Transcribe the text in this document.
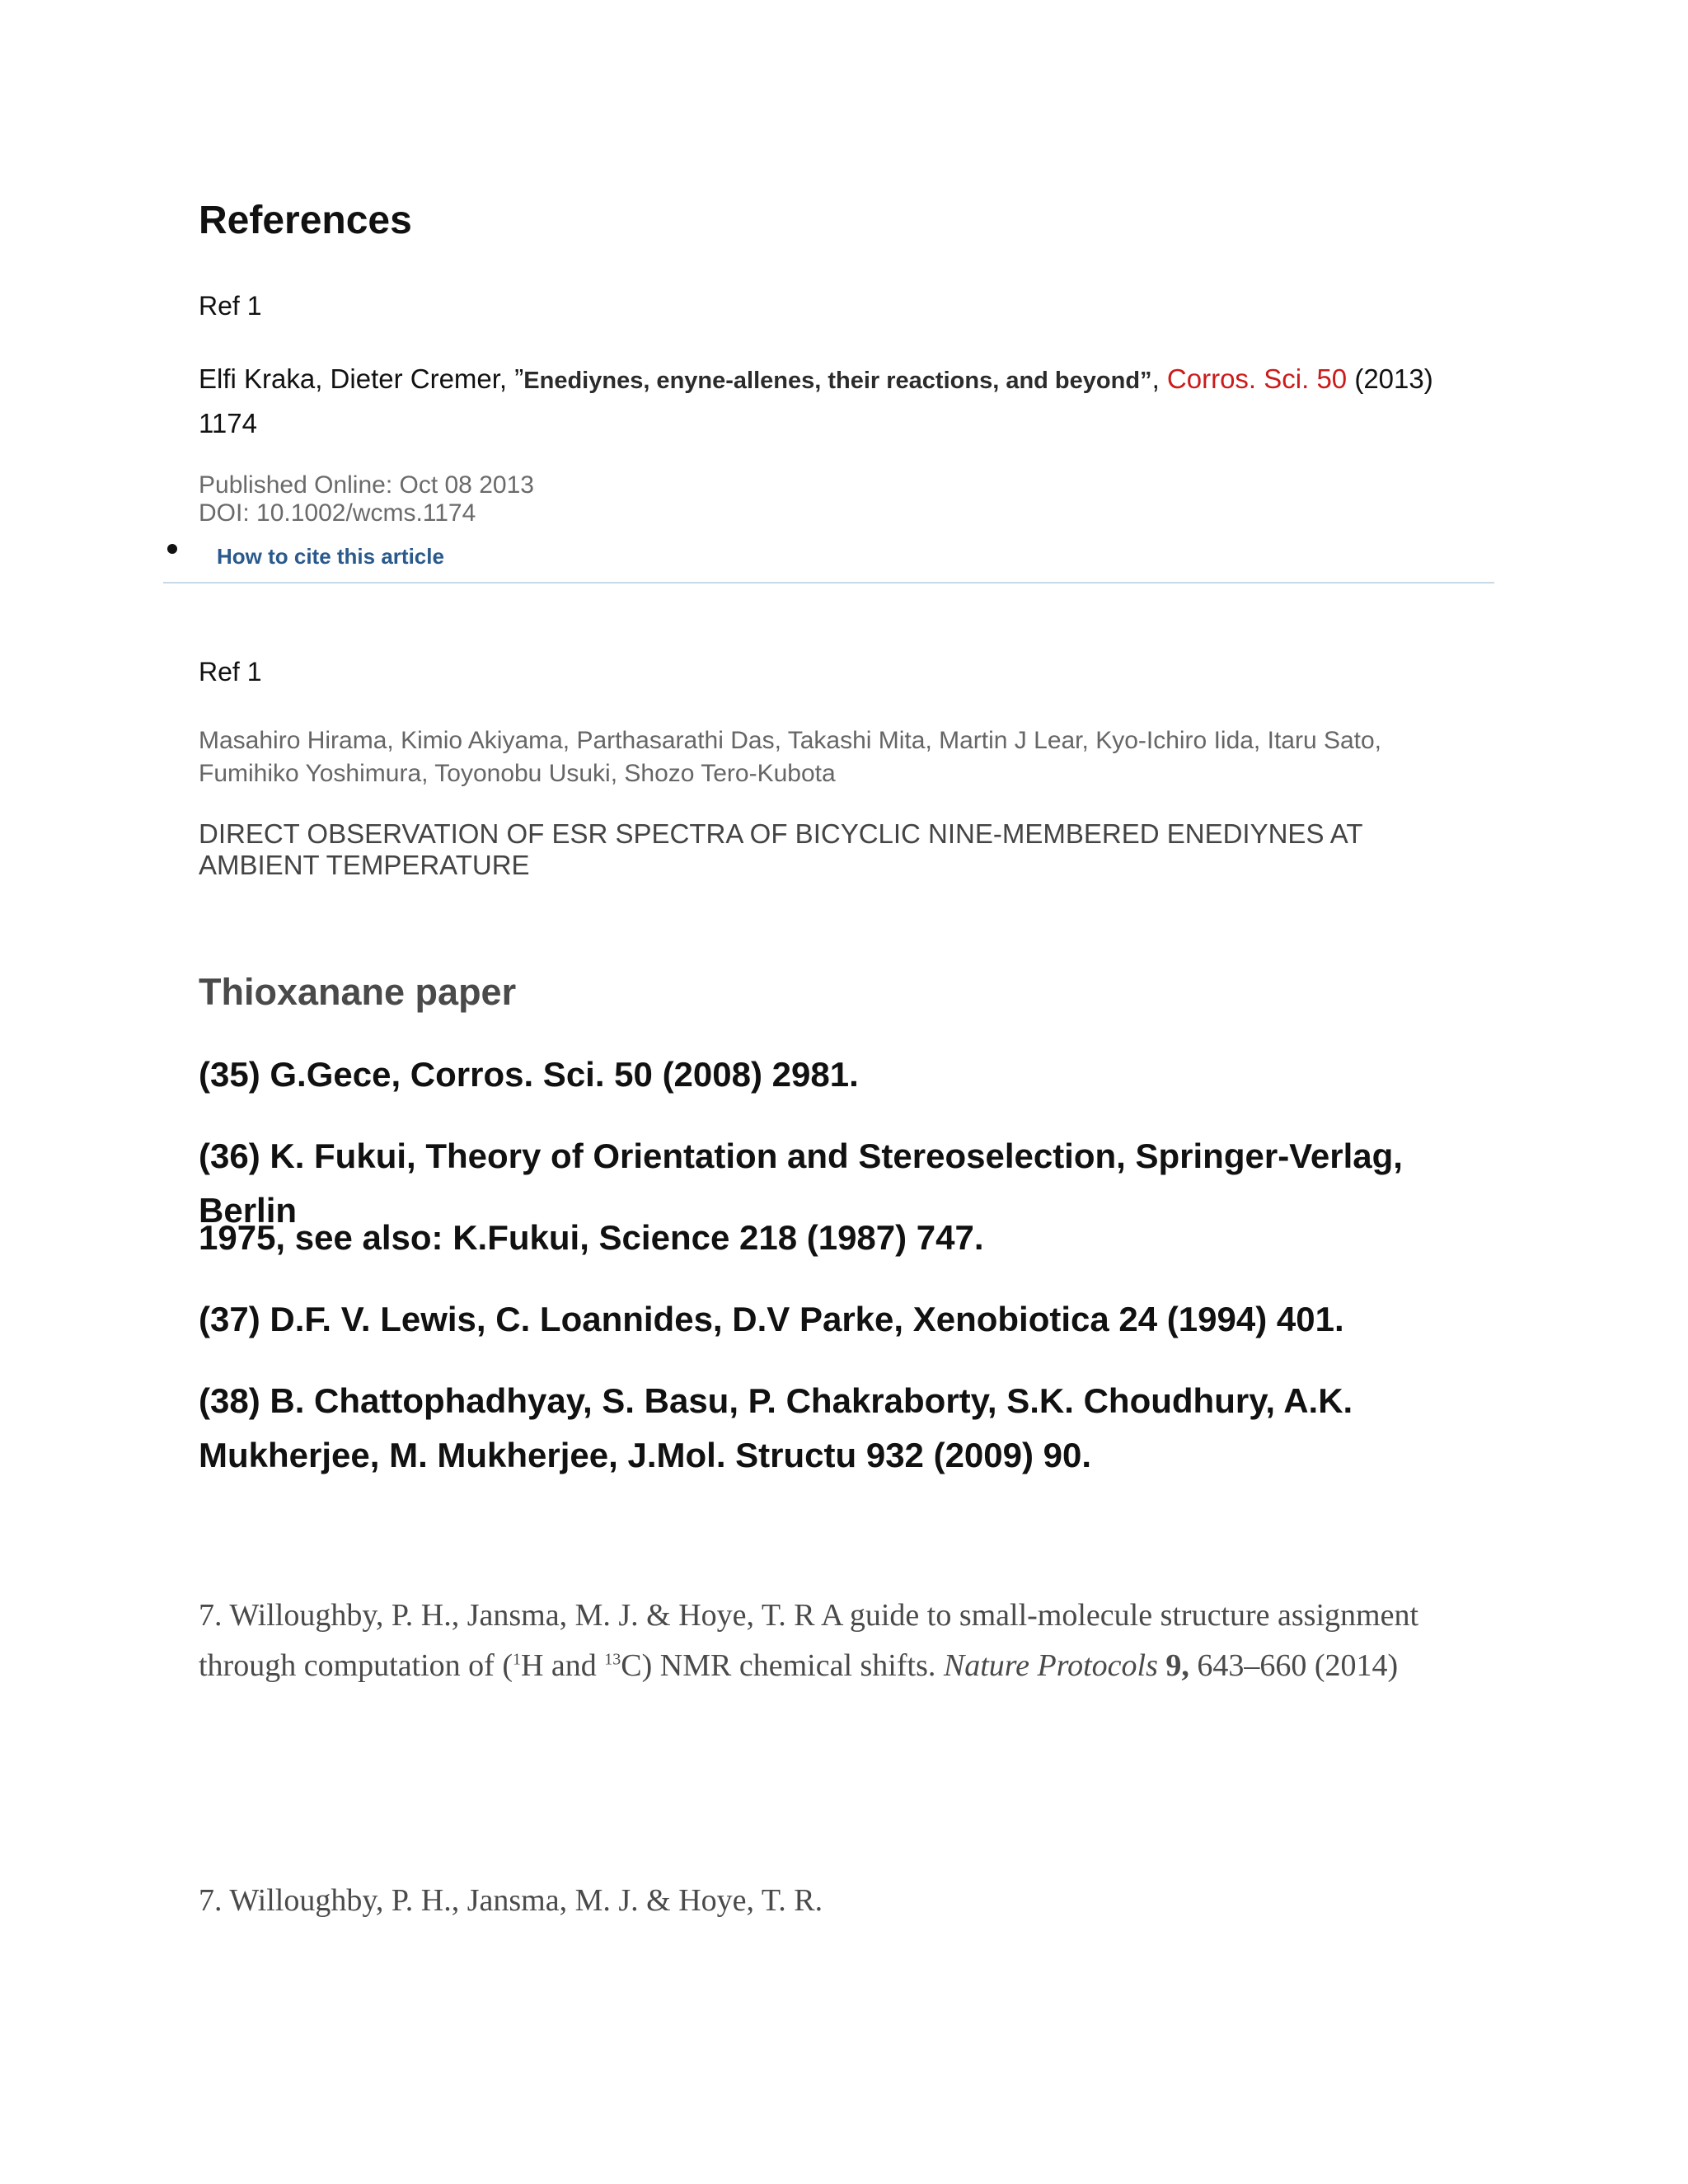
References
Ref 1
Elfi Kraka, Dieter Cremer, ”Enediynes, enyne-allenes, their reactions, and beyond”, Corros. Sci. 50 (2013) 1174
Published Online: Oct 08 2013
DOI: 10.1002/wcms.1174
How to cite this article
Ref 1
Masahiro Hirama, Kimio Akiyama, Parthasarathi Das, Takashi Mita, Martin J Lear, Kyo-Ichiro Iida, Itaru Sato, Fumihiko Yoshimura, Toyonobu Usuki, Shozo Tero-Kubota
DIRECT OBSERVATION OF ESR SPECTRA OF BICYCLIC NINE-MEMBERED ENEDIYNES AT AMBIENT TEMPERATURE
Thioxanane paper
(35) G.Gece, Corros. Sci. 50 (2008) 2981.
(36) K. Fukui, Theory of Orientation and Stereoselection, Springer-Verlag, Berlin
1975, see also: K.Fukui, Science 218 (1987) 747.
(37) D.F. V. Lewis, C. Loannides, D.V Parke, Xenobiotica 24 (1994) 401.
(38) B. Chattophadhyay, S. Basu, P. Chakraborty, S.K. Choudhury, A.K. Mukherjee, M. Mukherjee, J.Mol. Structu 932 (2009) 90.
7. Willoughby, P. H., Jansma, M. J. & Hoye, T. R A guide to small-molecule structure assignment through computation of ($^1$H and $^{13}$C) NMR chemical shifts. Nature Protocols 9, 643–660 (2014)
7. Willoughby, P. H., Jansma, M. J. & Hoye, T. R.
